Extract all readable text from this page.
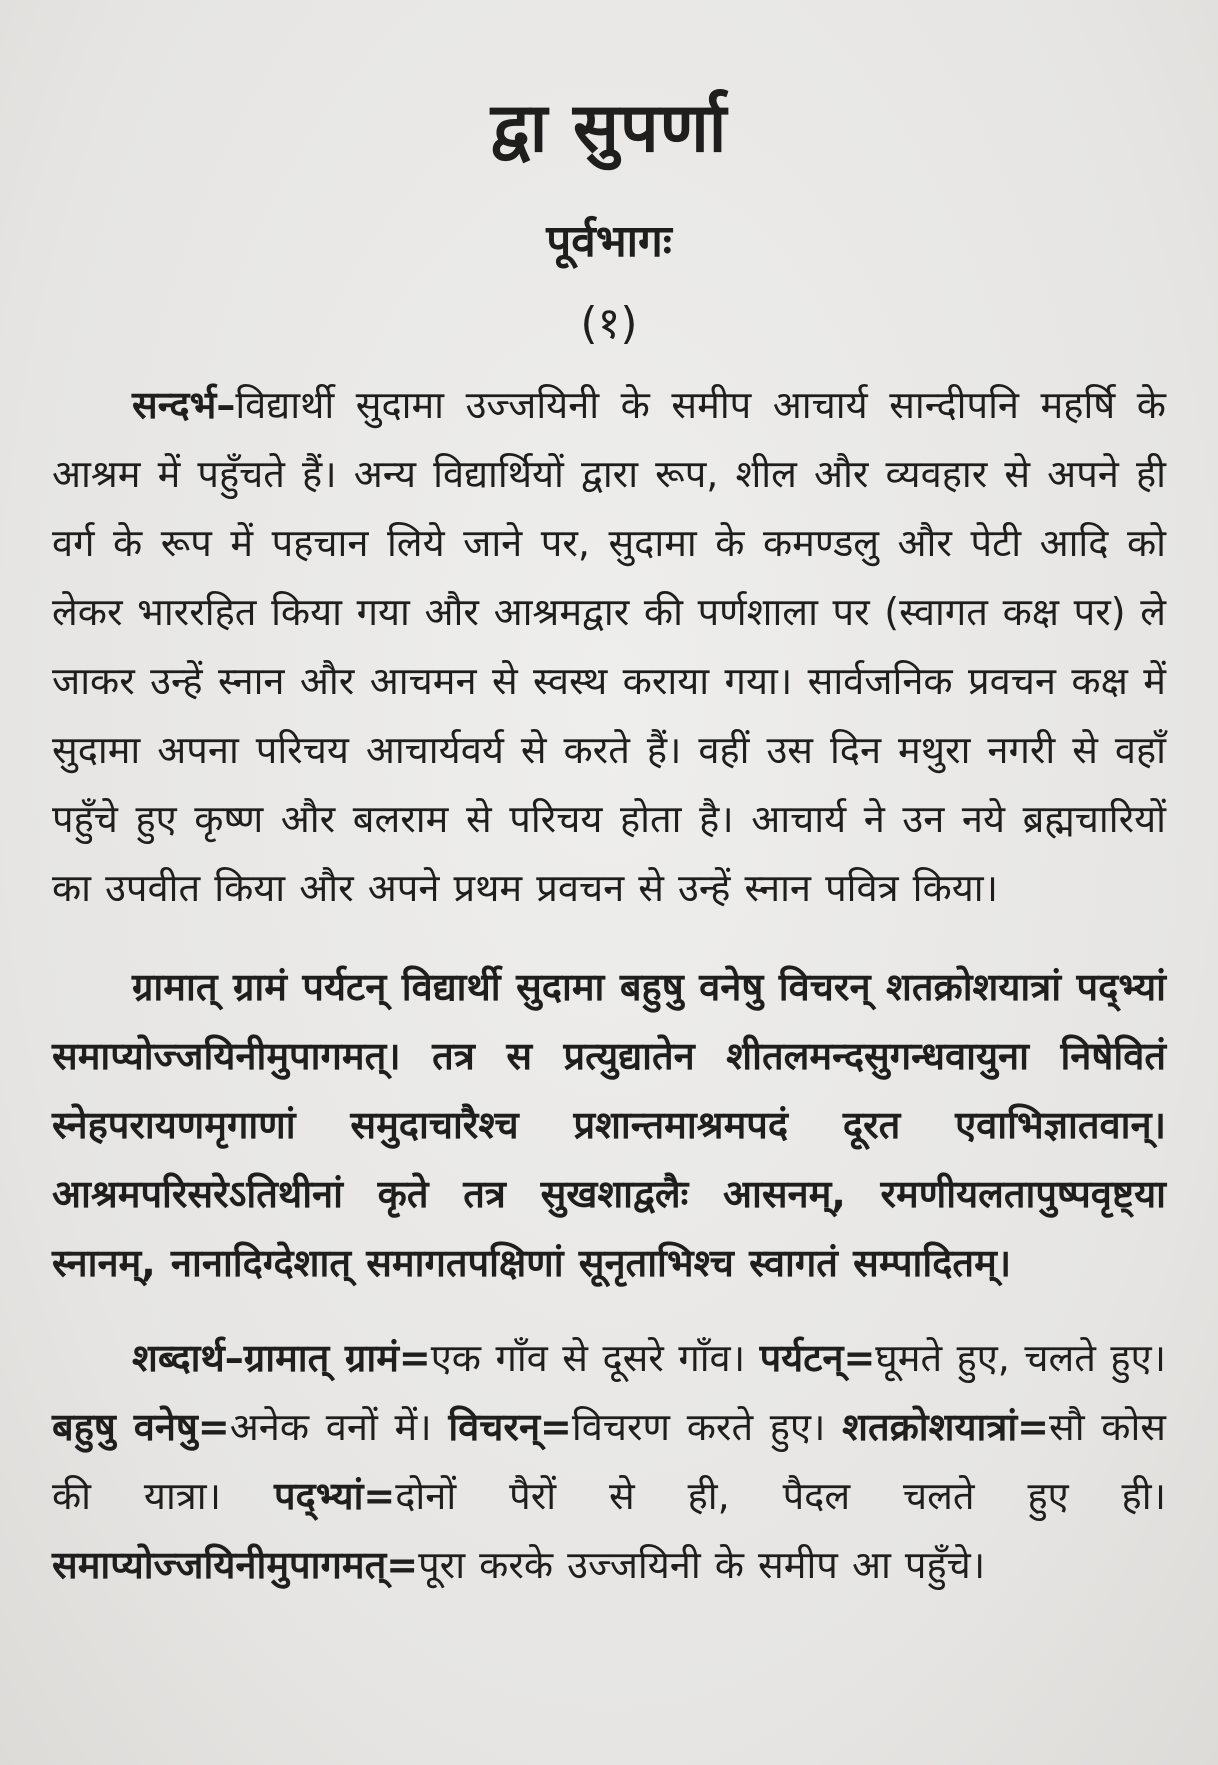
द्वा सुपर्णा
पूर्वभागः
(१)

सन्दर्भ–विद्यार्थी सुदामा उज्जयिनी के समीप आचार्य सान्दीपनि महर्षि के आश्रम में पहुँचते हैं। अन्य विद्यार्थियों द्वारा रूप, शील और व्यवहार से अपने ही वर्ग के रूप में पहचान लिये जाने पर, सुदामा के कमण्डलु और पेटी आदि को लेकर भाररहित किया गया और आश्रमद्वार की पर्णशाला पर (स्वागत कक्ष पर) ले जाकर उन्हें स्नान और आचमन से स्वस्थ कराया गया। सार्वजनिक प्रवचन कक्ष में सुदामा अपना परिचय आचार्यवर्य से करते हैं। वहीं उस दिन मथुरा नगरी से वहाँ पहुँचे हुए कृष्ण और बलराम से परिचय होता है। आचार्य ने उन नये ब्रह्मचारियों का उपवीत किया और अपने प्रथम प्रवचन से उन्हें स्नान पवित्र किया।

ग्रामात् ग्रामं पर्यटन् विद्यार्थी सुदामा बहुषु वनेषु विचरन् शतक्रोशयात्रां पद्भ्यां समाप्योज्जयिनीमुपागमत्। तत्र स प्रत्युद्यातेन शीतलमन्दसुगन्धवायुना निषेवितं स्नेहपरायणमृगाणां समुदाचारैश्च प्रशान्तमाश्रमपदं दूरत एवाभिज्ञातवान्। आश्रमपरिसरेऽतिथीनां कृते तत्र सुखशाद्वलैः आसनम्, रमणीयलतापुष्पवृष्ट्या स्नानम्, नानादिग्देशात् समागतपक्षिणां सूनृताभिश्च स्वागतं सम्पादितम्।

शब्दार्थ–ग्रामात् ग्रामं=एक गाँव से दूसरे गाँव। पर्यटन्=घूमते हुए, चलते हुए। बहुषु वनेषु=अनेक वनों में। विचरन्=विचरण करते हुए। शतक्रोशयात्रां=सौ कोस की यात्रा। पद्भ्यां=दोनों पैरों से ही, पैदल चलते हुए ही। समाप्योज्जयिनीमुपागमत्=पूरा करके उज्जयिनी के समीप आ पहुँचे।
